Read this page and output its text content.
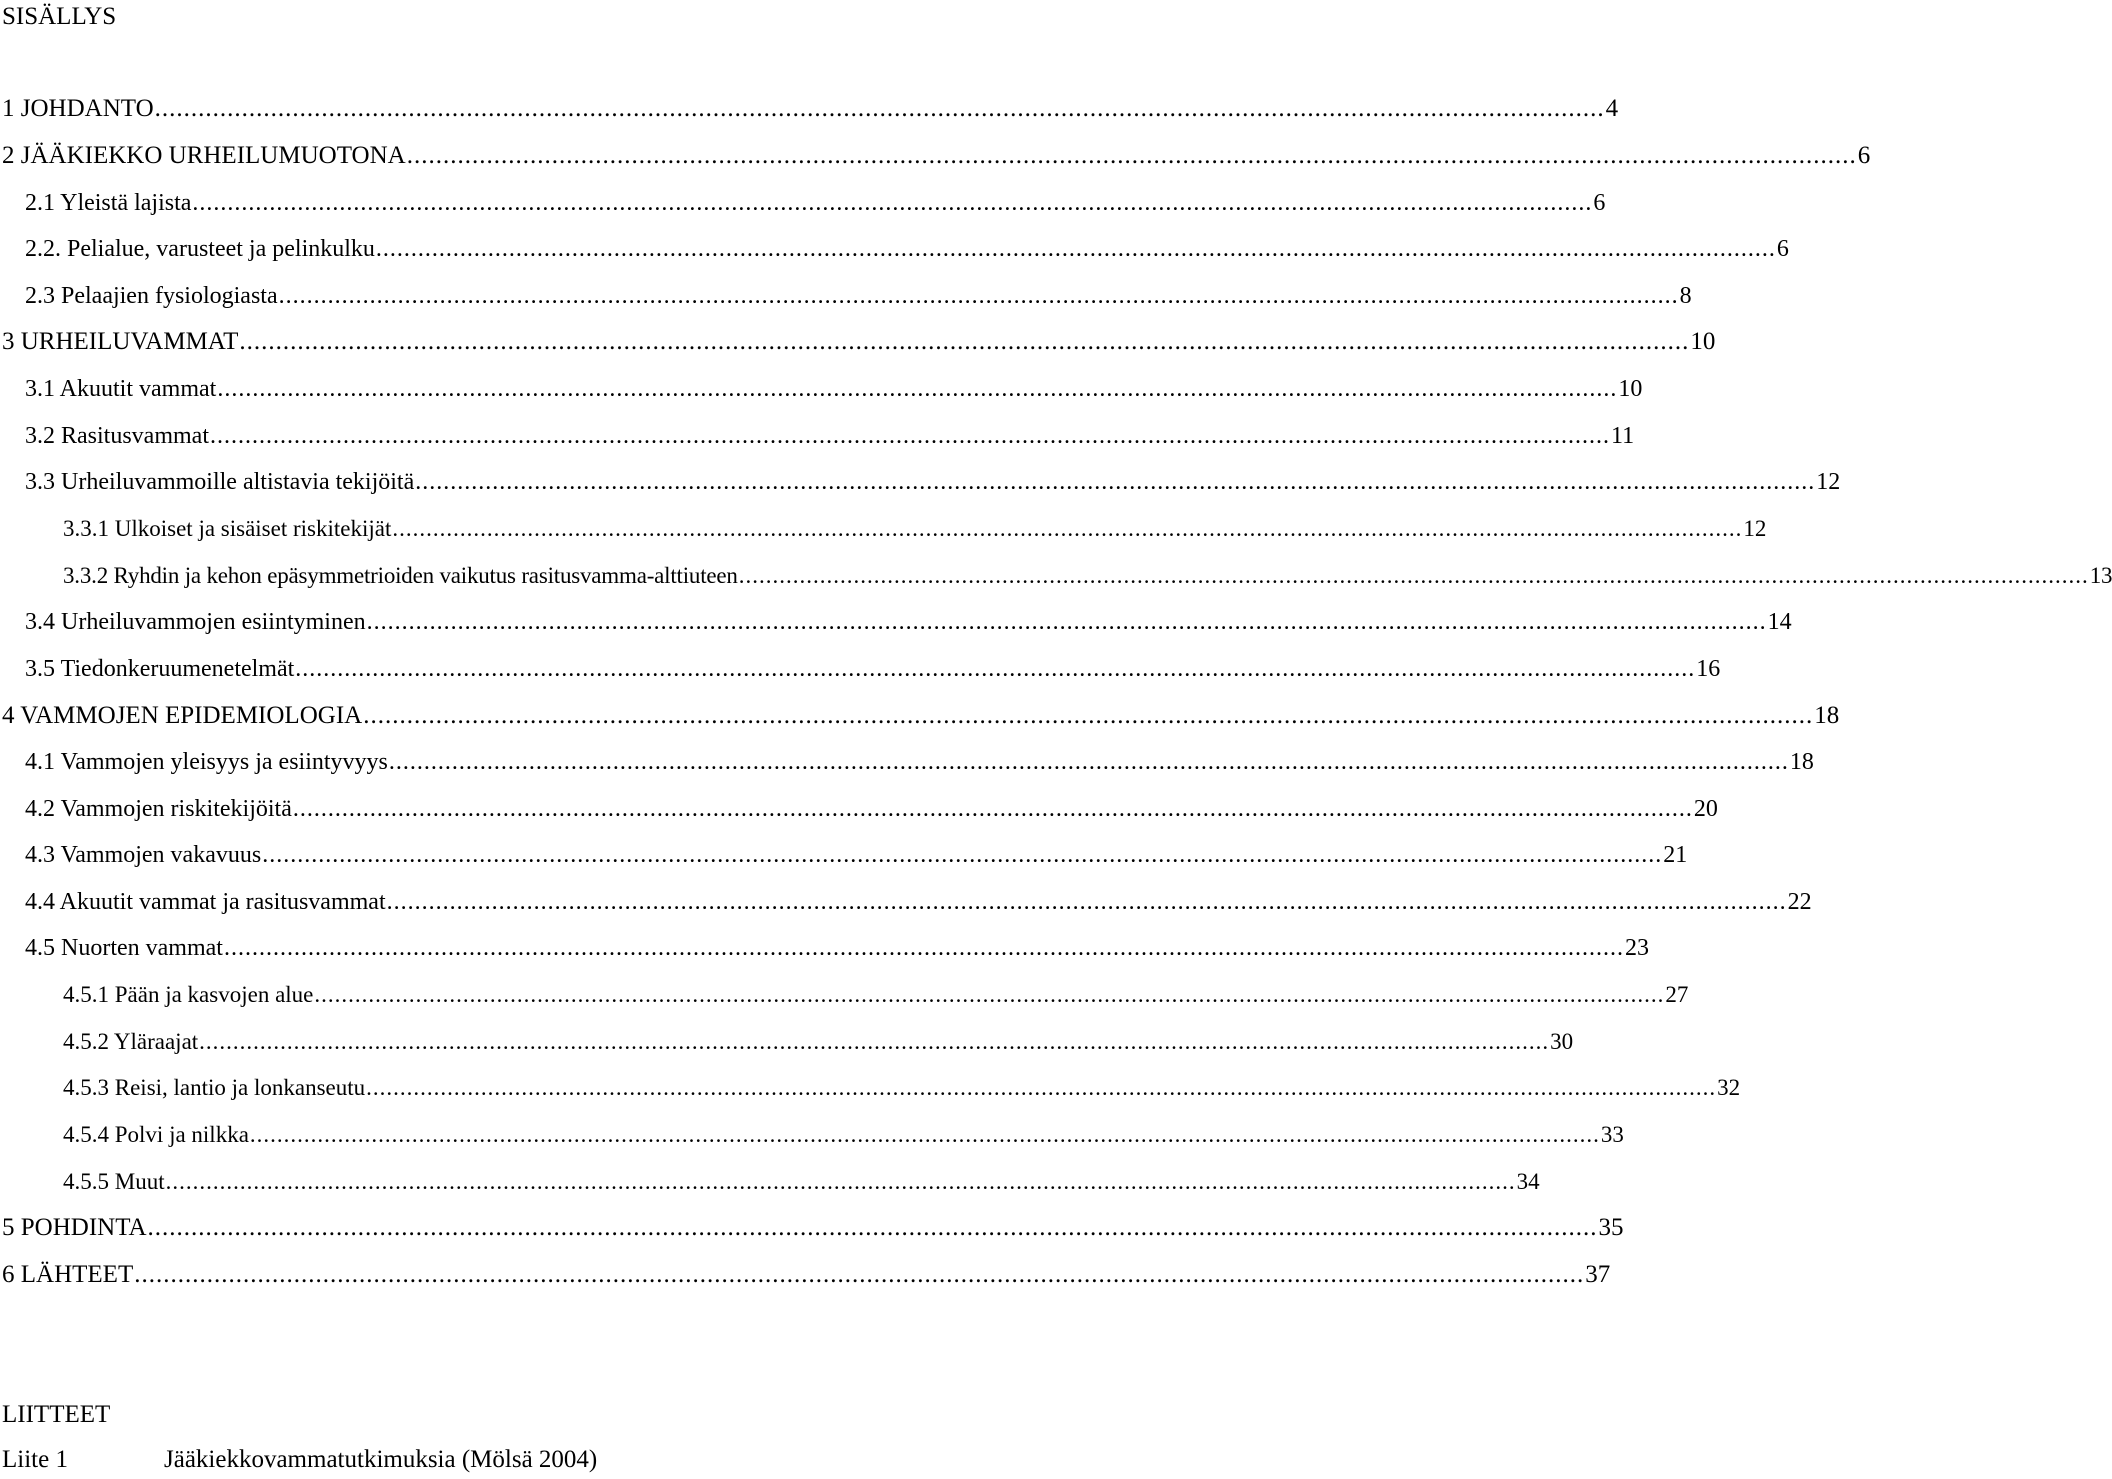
SISÄLLYS
1 JOHDANTO ........................................................................................................................................................................................................ 4
2 JÄÄKIEKKO URHEILUMUOTONA ........................................................................................................................................................................................................ 6
2.1 Yleistä lajista ........................................................................................................................................................................................................ 6
2.2. Pelialue, varusteet ja pelinkulku ........................................................................................................................................................................................................ 6
2.3 Pelaajien fysiologiasta ........................................................................................................................................................................................................ 8
3 URHEILUVAMMAT ........................................................................................................................................................................................................ 10
3.1 Akuutit vammat ........................................................................................................................................................................................................ 10
3.2 Rasitusvammat ........................................................................................................................................................................................................ 11
3.3 Urheiluvammoille altistavia tekijöitä ........................................................................................................................................................................................................ 12
3.3.1 Ulkoiset ja sisäiset riskitekijät ........................................................................................................................................................................................................ 12
3.3.2 Ryhdin ja kehon epäsymmetrioiden vaikutus rasitusvamma-alttiuteen ........................................................................................................................................................................................................ 13
3.4 Urheiluvammojen esiintyminen ........................................................................................................................................................................................................ 14
3.5 Tiedonkeruumenetelmät ........................................................................................................................................................................................................ 16
4 VAMMOJEN EPIDEMIOLOGIA ........................................................................................................................................................................................................ 18
4.1 Vammojen yleisyys ja esiintyvyys ........................................................................................................................................................................................................ 18
4.2 Vammojen riskitekijöitä ........................................................................................................................................................................................................ 20
4.3 Vammojen vakavuus ........................................................................................................................................................................................................ 21
4.4 Akuutit vammat ja rasitusvammat ........................................................................................................................................................................................................ 22
4.5 Nuorten vammat ........................................................................................................................................................................................................ 23
4.5.1 Pään ja kasvojen alue ........................................................................................................................................................................................................ 27
4.5.2 Yläraajat ........................................................................................................................................................................................................ 30
4.5.3 Reisi, lantio ja lonkanseutu ........................................................................................................................................................................................................ 32
4.5.4 Polvi ja nilkka ........................................................................................................................................................................................................ 33
4.5.5 Muut ........................................................................................................................................................................................................ 34
5 POHDINTA ........................................................................................................................................................................................................ 35
6 LÄHTEET ........................................................................................................................................................................................................ 37
LIITTEET
Liite 1	Jääkiekkovammatutkimuksia (Mölsä 2004)
